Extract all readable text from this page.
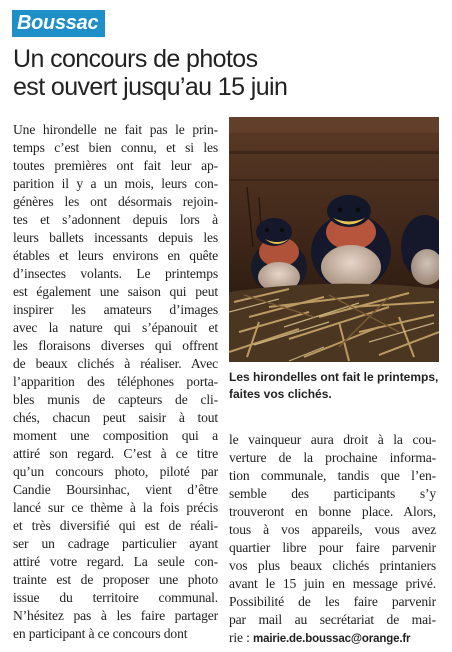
Boussac
Un concours de photos
est ouvert jusqu’au 15 juin
Une hirondelle ne fait pas le prin-
temps c’est bien connu, et si les
toutes premières ont fait leur ap-
parition il y a un mois, leurs con-
génères les ont désormais rejoin-
tes et s’adonnent depuis lors à
leurs ballets incessants depuis les
étables et leurs environs en quête
d’insectes volants. Le printemps
est également une saison qui peut
inspirer les amateurs d’images
avec la nature qui s’épanouit et
les floraisons diverses qui offrent
de beaux clichés à réaliser. Avec
l’apparition des téléphones porta-
bles munis de capteurs de cli-
chés, chacun peut saisir à tout
moment une composition qui a
attiré son regard. C’est à ce titre
qu’un concours photo, piloté par
Candie Boursinhac, vient d’être
lancé sur ce thème à la fois précis
et très diversifié qui est de réali-
ser un cadrage particulier ayant
attiré votre regard. La seule con-
trainte est de proposer une photo
issue du territoire communal.
N’hésitez pas à les faire partager
en participant à ce concours dont
Les hirondelles ont fait le printemps,
faites vos clichés.
le vainqueur aura droit à la cou-
verture de la prochaine informa-
tion communale, tandis que l’en-
semble des participants s’y
trouveront en bonne place. Alors,
tous à vos appareils, vous avez
quartier libre pour faire parvenir
vos plus beaux clichés printaniers
avant le 15 juin en message privé.
Possibilité de les faire parvenir
par mail au secrétariat de mai-
rie : mairie.de.boussac@orange.fr
